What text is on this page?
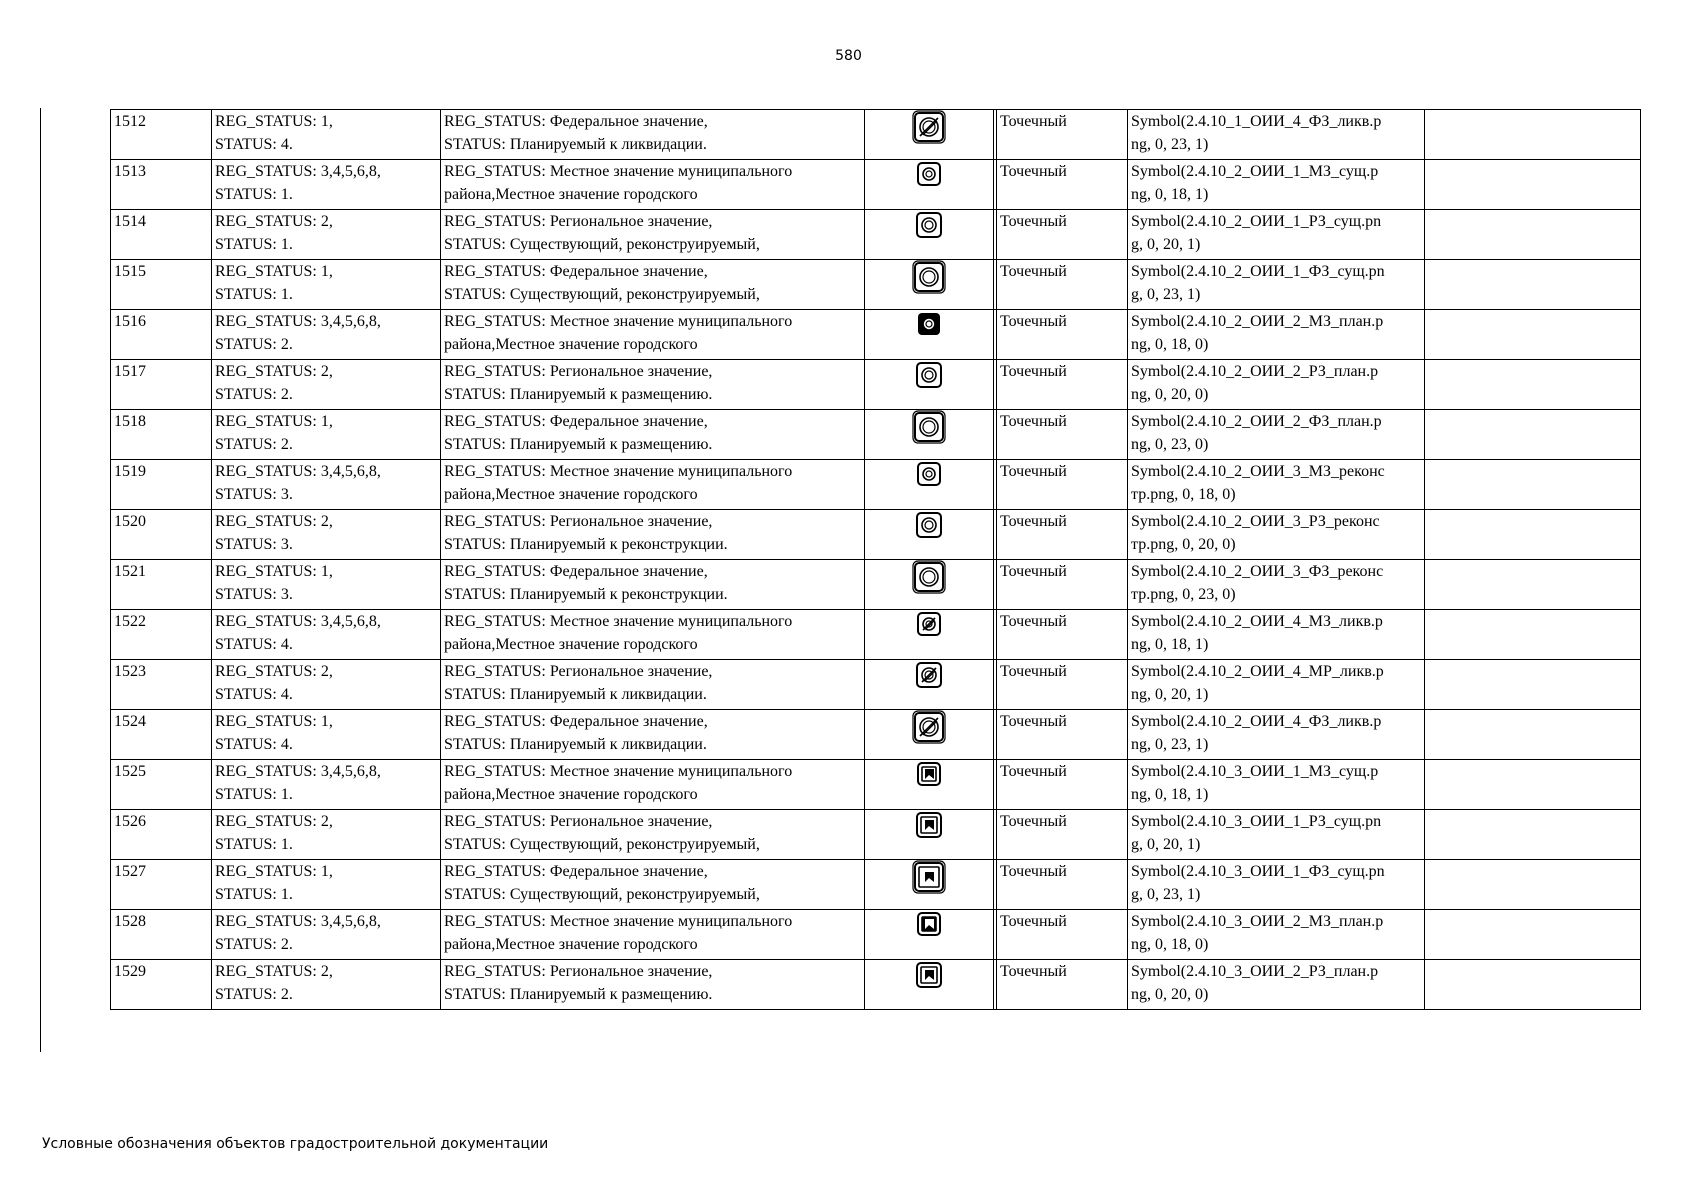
580
1512	REG_STATUS: 1,
STATUS: 4.	REG_STATUS: Федеральное значение,
STATUS: Планируемый к ликвидации.			Точечный	Symbol(2.4.10_1_ОИИ_4_ФЗ_ликв.p
ng, 0, 23, 1)	

1513	REG_STATUS: 3,4,5,6,8,
STATUS: 1.	REG_STATUS: Местное значение муниципального
района,Местное значение городского			Точечный	Symbol(2.4.10_2_ОИИ_1_МЗ_сущ.p
ng, 0, 18, 1)	

1514	REG_STATUS: 2,
STATUS: 1.	REG_STATUS: Региональное значение,
STATUS: Существующий, реконструируемый,			Точечный	Symbol(2.4.10_2_ОИИ_1_РЗ_сущ.pn
g, 0, 20, 1)	

1515	REG_STATUS: 1,
STATUS: 1.	REG_STATUS: Федеральное значение,
STATUS: Существующий, реконструируемый,			Точечный	Symbol(2.4.10_2_ОИИ_1_ФЗ_сущ.pn
g, 0, 23, 1)	

1516	REG_STATUS: 3,4,5,6,8,
STATUS: 2.	REG_STATUS: Местное значение муниципального
района,Местное значение городского			Точечный	Symbol(2.4.10_2_ОИИ_2_МЗ_план.p
ng, 0, 18, 0)	

1517	REG_STATUS: 2,
STATUS: 2.	REG_STATUS: Региональное значение,
STATUS: Планируемый к размещению.			Точечный	Symbol(2.4.10_2_ОИИ_2_РЗ_план.p
ng, 0, 20, 0)	

1518	REG_STATUS: 1,
STATUS: 2.	REG_STATUS: Федеральное значение,
STATUS: Планируемый к размещению.			Точечный	Symbol(2.4.10_2_ОИИ_2_ФЗ_план.p
ng, 0, 23, 0)	

1519	REG_STATUS: 3,4,5,6,8,
STATUS: 3.	REG_STATUS: Местное значение муниципального
района,Местное значение городского			Точечный	Symbol(2.4.10_2_ОИИ_3_МЗ_реконс
тр.png, 0, 18, 0)	

1520	REG_STATUS: 2,
STATUS: 3.	REG_STATUS: Региональное значение,
STATUS: Планируемый к реконструкции.			Точечный	Symbol(2.4.10_2_ОИИ_3_РЗ_реконс
тр.png, 0, 20, 0)	

1521	REG_STATUS: 1,
STATUS: 3.	REG_STATUS: Федеральное значение,
STATUS: Планируемый к реконструкции.			Точечный	Symbol(2.4.10_2_ОИИ_3_ФЗ_реконс
тр.png, 0, 23, 0)	

1522	REG_STATUS: 3,4,5,6,8,
STATUS: 4.	REG_STATUS: Местное значение муниципального
района,Местное значение городского			Точечный	Symbol(2.4.10_2_ОИИ_4_МЗ_ликв.p
ng, 0, 18, 1)	

1523	REG_STATUS: 2,
STATUS: 4.	REG_STATUS: Региональное значение,
STATUS: Планируемый к ликвидации.			Точечный	Symbol(2.4.10_2_ОИИ_4_МР_ликв.p
ng, 0, 20, 1)	

1524	REG_STATUS: 1,
STATUS: 4.	REG_STATUS: Федеральное значение,
STATUS: Планируемый к ликвидации.			Точечный	Symbol(2.4.10_2_ОИИ_4_ФЗ_ликв.p
ng, 0, 23, 1)	

1525	REG_STATUS: 3,4,5,6,8,
STATUS: 1.	REG_STATUS: Местное значение муниципального
района,Местное значение городского			Точечный	Symbol(2.4.10_3_ОИИ_1_МЗ_сущ.p
ng, 0, 18, 1)	

1526	REG_STATUS: 2,
STATUS: 1.	REG_STATUS: Региональное значение,
STATUS: Существующий, реконструируемый,			Точечный	Symbol(2.4.10_3_ОИИ_1_РЗ_сущ.pn
g, 0, 20, 1)	

1527	REG_STATUS: 1,
STATUS: 1.	REG_STATUS: Федеральное значение,
STATUS: Существующий, реконструируемый,			Точечный	Symbol(2.4.10_3_ОИИ_1_ФЗ_сущ.pn
g, 0, 23, 1)	

1528	REG_STATUS: 3,4,5,6,8,
STATUS: 2.	REG_STATUS: Местное значение муниципального
района,Местное значение городского			Точечный	Symbol(2.4.10_3_ОИИ_2_МЗ_план.p
ng, 0, 18, 0)	

1529	REG_STATUS: 2,
STATUS: 2.	REG_STATUS: Региональное значение,
STATUS: Планируемый к размещению.			Точечный	Symbol(2.4.10_3_ОИИ_2_РЗ_план.p
ng, 0, 20, 0)	

Условные обозначения объектов градостроительной документации
